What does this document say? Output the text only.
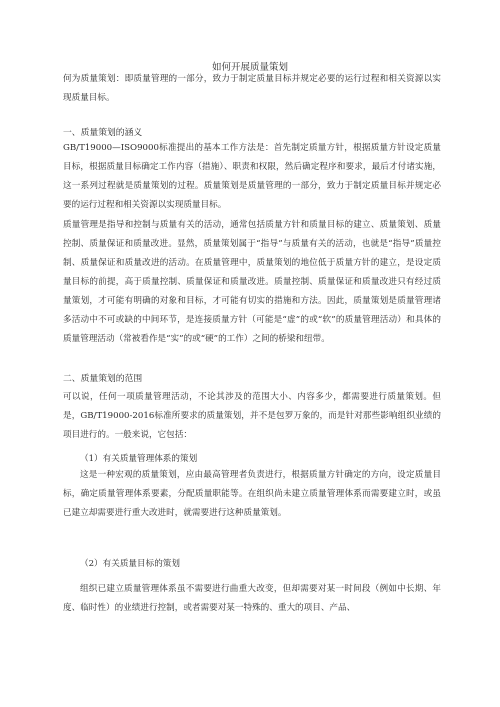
如何开展质量策划
何为质量策划：即质量管理的一部分，致力于制定质量目标并规定必要的运行过程和相关资源以实现质量目标。
一、质量策划的涵义
GB/T19000—ISO9000标准提出的基本工作方法是：首先制定质量方针，根据质量方针设定质量目标，根据质量目标确定工作内容（措施）、职责和权限，然后确定程序和要求，最后才付诸实施，这一系列过程就是质量策划的过程。质量策划是质量管理的一部分，致力于制定质量目标并规定必要的运行过程和相关资源以实现质量目标。
质量管理是指导和控制与质量有关的活动，通常包括质量方针和质量目标的建立、质量策划、质量控制、质量保证和质量改进。显然，质量策划属于“指导”与质量有关的活动，也就是“指导”质量控制、质量保证和质量改进的活动。在质量管理中，质量策划的地位低于质量方针的建立，是设定质量目标的前提，高于质量控制、质量保证和质量改进。质量控制、质量保证和质量改进只有经过质量策划，才可能有明确的对象和目标，才可能有切实的措施和方法。因此，质量策划是质量管理诸多活动中不可或缺的中间环节，是连接质量方针（可能是“虚”的或“软”的质量管理活动）和具体的质量管理活动（常被看作是“实”的或“硬”的工作）之间的桥梁和纽带。
二、质量策划的范围
可以说，任何一项质量管理活动，不论其涉及的范围大小、内容多少，都需要进行质量策划。但是，GB/T19000-2016标准所要求的质量策划，并不是包罗万象的，而是针对那些影响组织业绩的项目进行的。一般来说，它包括：
（1）有关质量管理体系的策划
这是一种宏观的质量策划，应由最高管理者负责进行，根据质量方针确定的方向，设定质量目标，确定质量管理体系要素，分配质量职能等。在组织尚未建立质量管理体系而需要建立时，或虽已建立却需要进行重大改进时，就需要进行这种质量策划。
（2）有关质量目标的策划
组织已建立质量管理体系虽不需要进行曲重大改变，但却需要对某一时间段（例如中长期、年度、临时性）的业绩进行控制，或者需要对某一特殊的、重大的项目、产品、
